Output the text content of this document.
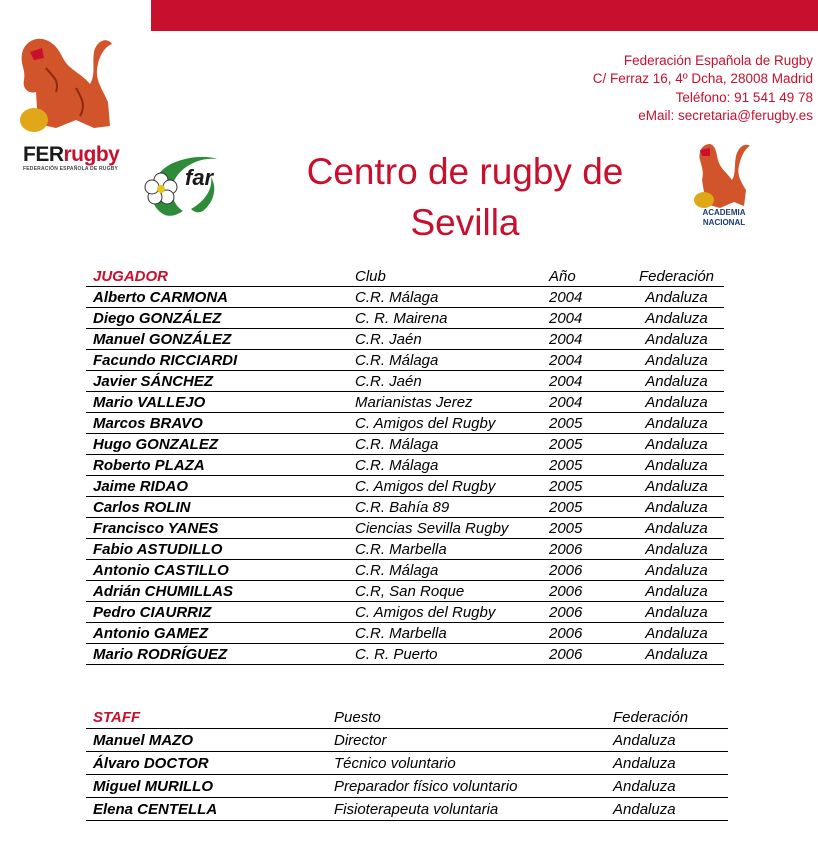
FERrugby
FEDERACIÓN ESPAÑOLA DE RUGBY
Federación Española de Rugby
C/ Ferraz 16, 4º Dcha, 28008 Madrid
Teléfono: 91 541 49 78
eMail: secretaria@ferugby.es
far	Centro de rugby de
Sevilla	ACADEMIA
NACIONAL
JUGADOR	Club	Año	Federación
Alberto CARMONA	C.R. Málaga	2004	Andaluza
Diego GONZÁLEZ	C. R. Mairena	2004	Andaluza
Manuel GONZÁLEZ	C.R. Jaén	2004	Andaluza
Facundo RICCIARDI	C.R. Málaga	2004	Andaluza
Javier SÁNCHEZ	C.R. Jaén	2004	Andaluza
Mario VALLEJO	Marianistas Jerez	2004	Andaluza
Marcos BRAVO	C. Amigos del Rugby	2005	Andaluza
Hugo GONZALEZ	C.R. Málaga	2005	Andaluza
Roberto PLAZA	C.R. Málaga	2005	Andaluza
Jaime RIDAO	C. Amigos del Rugby	2005	Andaluza
Carlos ROLIN	C.R. Bahía 89	2005	Andaluza
Francisco YANES	Ciencias Sevilla Rugby	2005	Andaluza
Fabio ASTUDILLO	C.R. Marbella	2006	Andaluza
Antonio CASTILLO	C.R. Málaga	2006	Andaluza
Adrián CHUMILLAS	C.R, San Roque	2006	Andaluza
Pedro CIAURRIZ	C. Amigos del Rugby	2006	Andaluza
Antonio GAMEZ	C.R. Marbella	2006	Andaluza
Mario RODRÍGUEZ	C. R. Puerto	2006	Andaluza
STAFF	Puesto	Federación
Manuel MAZO	Director	Andaluza
Álvaro DOCTOR	Técnico voluntario	Andaluza
Miguel MURILLO	Preparador físico voluntario	Andaluza
Elena CENTELLA	Fisioterapeuta voluntaria	Andaluza
